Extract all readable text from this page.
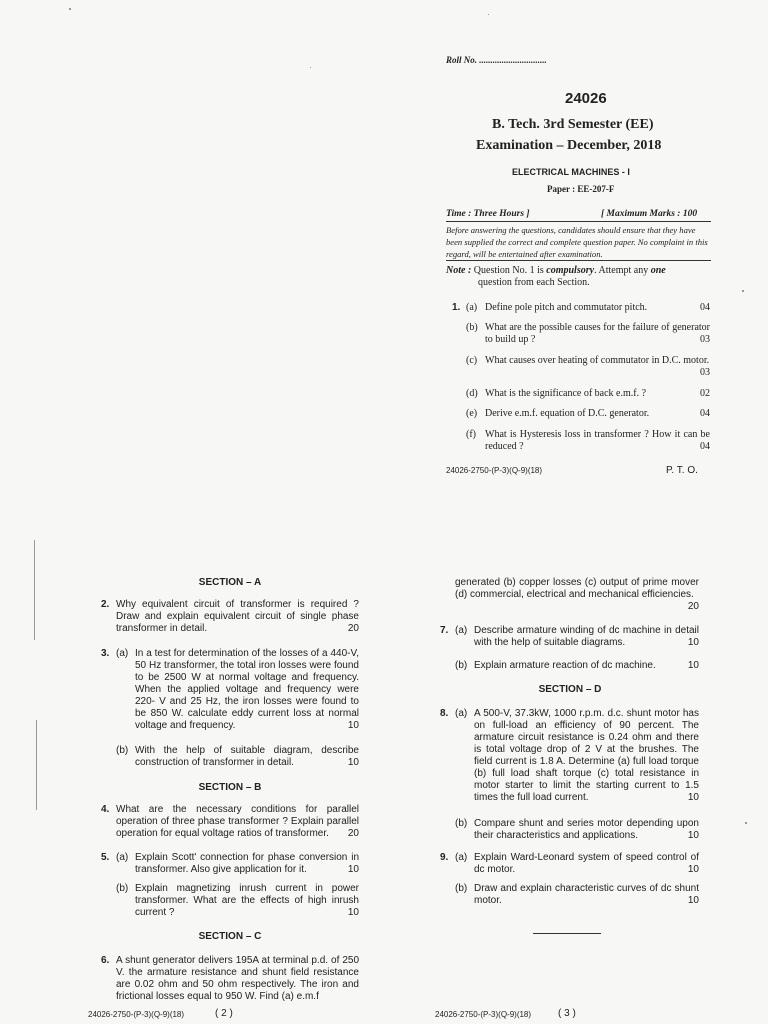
Roll No. ..............................
24026
B. Tech. 3rd Semester (EE)
Examination – December, 2018
ELECTRICAL MACHINES - I
Paper : EE-207-F
Time : Three Hours ]	[ Maximum Marks : 100
Before answering the questions, candidates should ensure that they have been supplied the correct and complete question paper. No complaint in this regard, will be entertained after examination.
Note : Question No. 1 is compulsory. Attempt any one
question from each Section.
1. (a) Define pole pitch and commutator pitch.	04
(b) What are the possible causes for the failure of generator to build up ?	03
(c) What causes over heating of commutator in D.C. motor.
03
(d) What is the significance of back e.m.f. ?	02
(e) Derive e.m.f. equation of D.C. generator.	04
(f) What is Hysteresis loss in transformer ? How it can be reduced ?	04
24026-2750-(P-3)(Q-9)(18)	P. T. O.
SECTION – A
2. Why equivalent circuit of transformer is required ? Draw and explain equivalent circuit of single phase transformer in detail.	20
3. (a) In a test for determination of the losses of a 440-V, 50 Hz transformer, the total iron losses were found to be 2500 W at normal voltage and frequency. When the applied voltage and frequency were 220- V and 25 Hz, the iron losses were found to be 850 W. calculate eddy current loss at normal voltage and frequency.	10
(b) With the help of suitable diagram, describe construction of transformer in detail.	10
SECTION – B
4. What are the necessary conditions for parallel operation of three phase transformer ? Explain parallel operation for equal voltage ratios of transformer.	20
5. (a) Explain Scott' connection for phase conversion in transformer. Also give application for it.	10
(b) Explain magnetizing inrush current in power transformer. What are the effects of high inrush current ?	10
SECTION – C
6. A shunt generator delivers 195A at terminal p.d. of 250 V. the armature resistance and shunt field resistance are 0.02 ohm and 50 ohm respectively. The iron and frictional losses equal to 950 W. Find (a) e.m.f
24026-2750-(P-3)(Q-9)(18)	( 2 )
generated (b) copper losses (c) output of prime mover (d) commercial, electrical and mechanical efficiencies.
20
7. (a) Describe armature winding of dc machine in detail with the help of suitable diagrams.	10
(b) Explain armature reaction of dc machine.	10
SECTION – D
8. (a) A 500-V, 37.3kW, 1000 r.p.m. d.c. shunt motor has on full-load an efficiency of 90 percent. The armature circuit resistance is 0.24 ohm and there is total voltage drop of 2 V at the brushes. The field current is 1.8 A. Determine (a) full load torque (b) full load shaft torque (c) total resistance in motor starter to limit the starting current to 1.5 times the full load current.	10
(b) Compare shunt and series motor depending upon their characteristics and applications.	10
9. (a) Explain Ward-Leonard system of speed control of dc motor.	10
(b) Draw and explain characteristic curves of dc shunt motor.	10
24026-2750-(P-3)(Q-9)(18)	( 3 )
